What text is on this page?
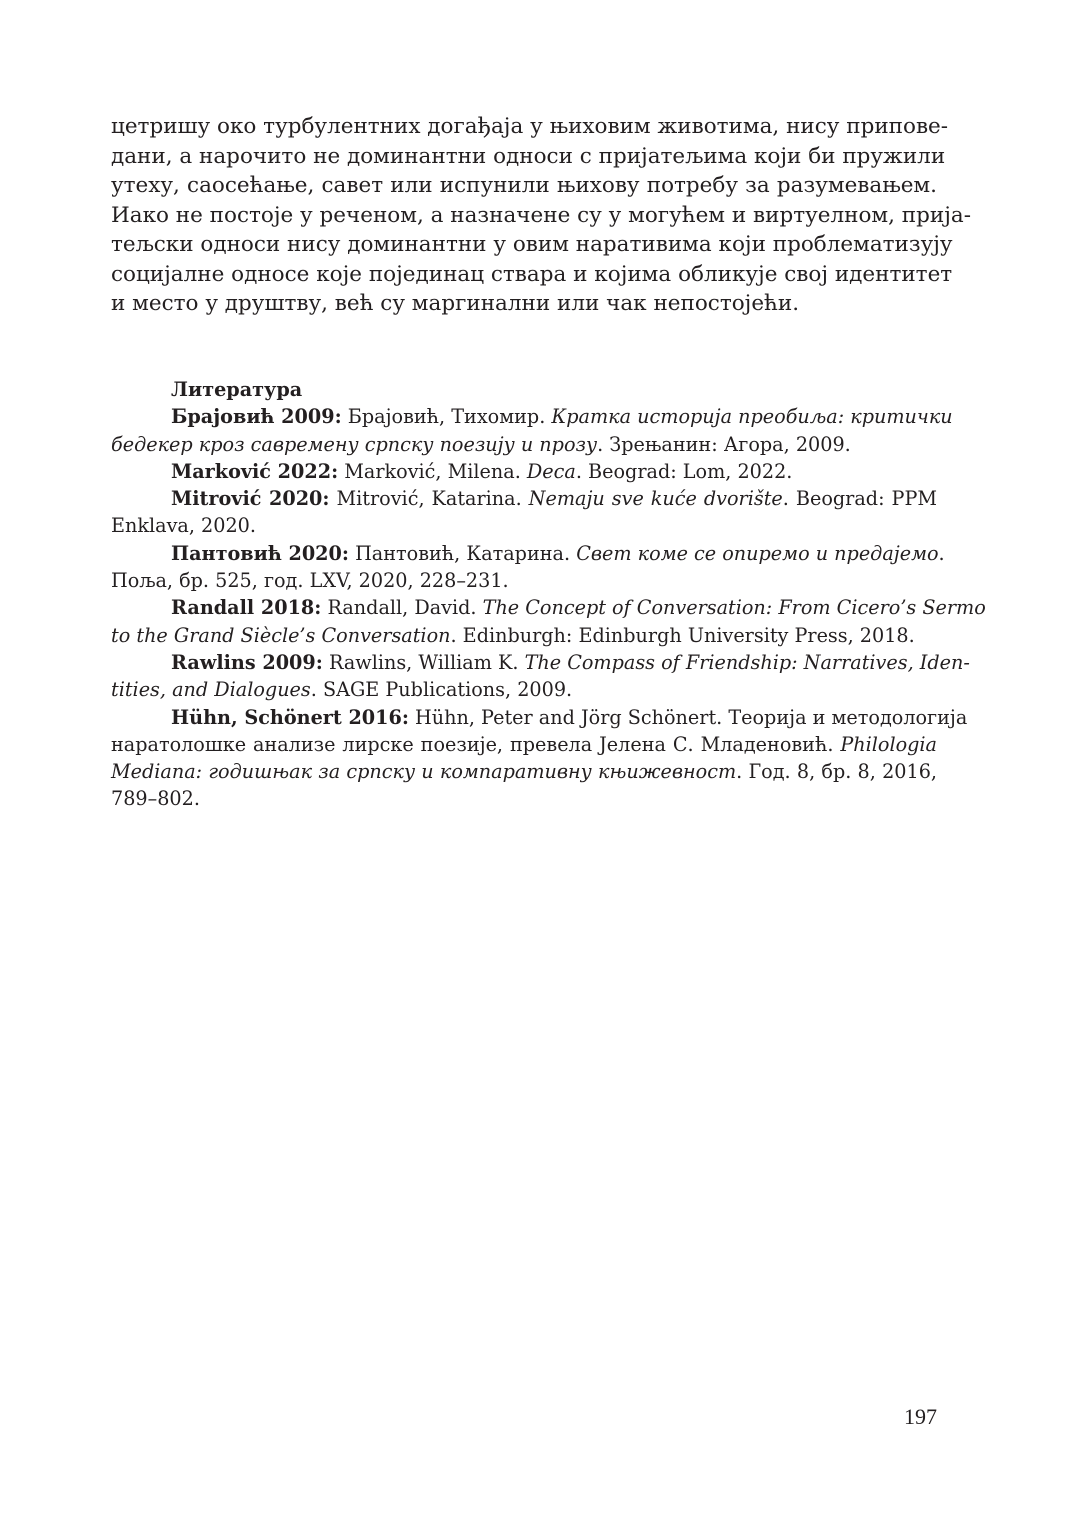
цетришу око турбулентних догађаја у њиховим животима, нису припове-
дани, а нарочито не доминантни односи с пријатељима који би пружили
утеху, саосећање, савет или испунили њихову потребу за разумевањем.
Иако не постоје у реченом, а назначене су у могућем и виртуелном, прија-
тељски односи нису доминантни у овим наративима који проблематизују
социјалне односе које појединац ствара и којима обликује свој идентитет
и место у друштву, већ су маргинални или чак непостојећи.
Литература
Брајовић 2009: Брајовић, Тихомир. Кратка историја преобиља: критички
бедекер кроз савремену српску поезију и прозу. Зрењанин: Агора, 2009.
Marković 2022: Marković, Milena. Deca. Beograd: Lom, 2022.
Mitrović 2020: Mitrović, Katarina. Nemaju sve kuće dvorište. Beograd: PPM
Enklava, 2020.
Пантовић 2020: Пантовић, Катарина. Свет коме се опиремо и предајемо.
Поља, бр. 525, год. LXV, 2020, 228–231.
Randall 2018: Randall, David. The Concept of Conversation: From Cicero’s Sermo
to the Grand Siècle’s Conversation. Edinburgh: Edinburgh University Press, 2018.
Rawlins 2009: Rawlins, William K. The Compass of Friendship: Narratives, Iden-
tities, and Dialogues. SAGE Publications, 2009.
Hühn, Schönert 2016: Hühn, Peter and Jörg Schönert. Теорија и методологија
наратолошке анализе лирске поезије, превела Јелена С. Младеновић. Philologia
Mediana: годишњак за српску и компаративну књижевност. Год. 8, бр. 8, 2016,
789–802.
197
